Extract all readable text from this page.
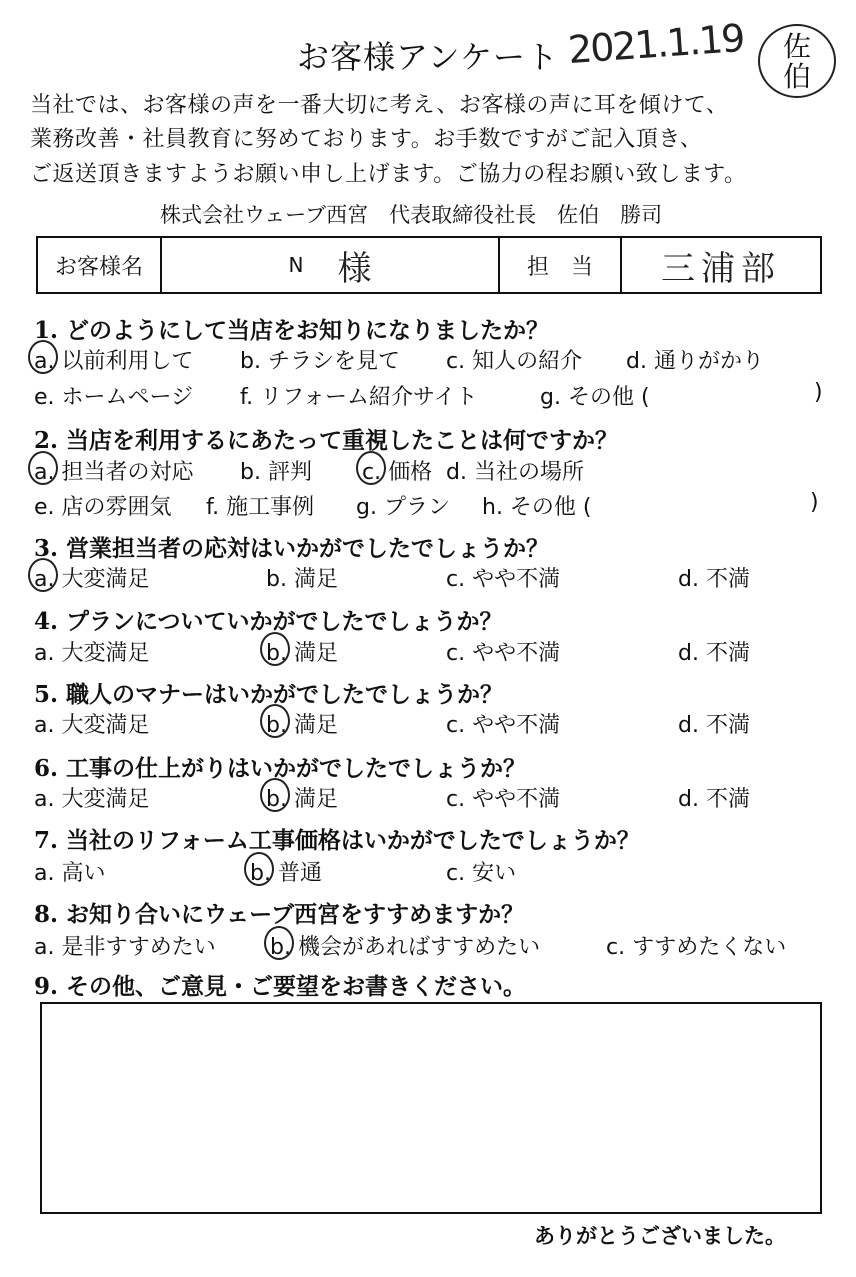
お客様アンケート 2021.1.19	佐
伯
当社では、お客様の声を一番大切に考え、お客様の声に耳を傾けて、
業務改善・社員教育に努めております。お手数ですがご記入頂き、
ご返送頂きますようお願い申し上げます。ご協力の程お願い致します。
株式会社ウェーブ西宮　代表取締役社長　佐伯　勝司
お客様名	N 様	担　当	三浦部
1. どのようにして当店をお知りになりましたか？
a. 以前利用して b. チラシを見て c. 知人の紹介 d. 通りがかり
e. ホームページ f. リフォーム紹介サイト	g. その他 (	)
2. 当店を利用するにあたって重視したことは何ですか？
a. 担当者の対応 b. 評判 c. 価格 d. 当社の場所
e. 店の雰囲気 f. 施工事例 g. プラン h. その他 (	)
3. 営業担当者の応対はいかがでしたでしょうか？
a. 大変満足	b. 満足	c. やや不満	d. 不満
4. プランについていかがでしたでしょうか？
a. 大変満足	b. 満足	c. やや不満	d. 不満
5. 職人のマナーはいかがでしたでしょうか？
a. 大変満足	b. 満足	c. やや不満	d. 不満
6. 工事の仕上がりはいかがでしたでしょうか？
a. 大変満足	b. 満足	c. やや不満	d. 不満
7. 当社のリフォーム工事価格はいかがでしたでしょうか？
a. 高い	b. 普通	c. 安い
8. お知り合いにウェーブ西宮をすすめますか？
a. 是非すすめたい b. 機会があればすすめたい	c. すすめたくない
9. その他、ご意見・ご要望をお書きください。
ありがとうございました。
